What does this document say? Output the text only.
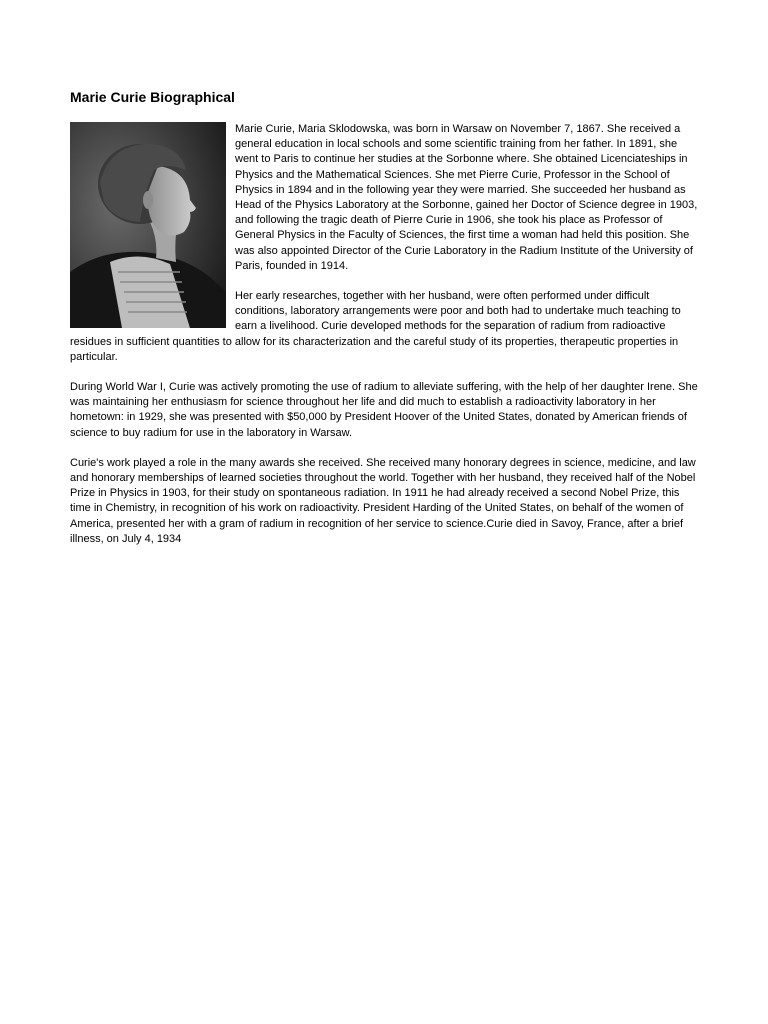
Marie Curie Biographical

Marie Curie, Maria Sklodowska, was born in Warsaw on November 7, 1867. She received a general education in local schools and some scientific training from her father. In 1891, she went to Paris to continue her studies at the Sorbonne where. She obtained Licenciateships in Physics and the Mathematical Sciences. She met Pierre Curie, Professor in the School of Physics in 1894 and in the following year they were married. She succeeded her husband as Head of the Physics Laboratory at the Sorbonne, gained her Doctor of Science degree in 1903, and following the tragic death of Pierre Curie in 1906, she took his place as Professor of General Physics in the Faculty of Sciences, the first time a woman had held this position. She was also appointed Director of the Curie Laboratory in the Radium Institute of the University of Paris, founded in 1914.

Her early researches, together with her husband, were often performed under difficult conditions, laboratory arrangements were poor and both had to undertake much teaching to earn a livelihood. Curie developed methods for the separation of radium from radioactive residues in sufficient quantities to allow for its characterization and the careful study of its properties, therapeutic properties in particular.

During World War I, Curie was actively promoting the use of radium to alleviate suffering, with the help of her daughter Irene. She was maintaining her enthusiasm for science throughout her life and did much to establish a radioactivity laboratory in her hometown: in 1929, she was presented with $50,000 by President Hoover of the United States, donated by American friends of science to buy radium for use in the laboratory in Warsaw.

Curie's work played a role in the many awards she received. She received many honorary degrees in science, medicine, and law and honorary memberships of learned societies throughout the world. Together with her husband, they received half of the Nobel Prize in Physics in 1903, for their study on spontaneous radiation. In 1911 he had already received a second Nobel Prize, this time in Chemistry, in recognition of his work on radioactivity. President Harding of the United States, on behalf of the women of America, presented her with a gram of radium in recognition of her service to science.Curie died in Savoy, France, after a brief illness, on July 4, 1934
